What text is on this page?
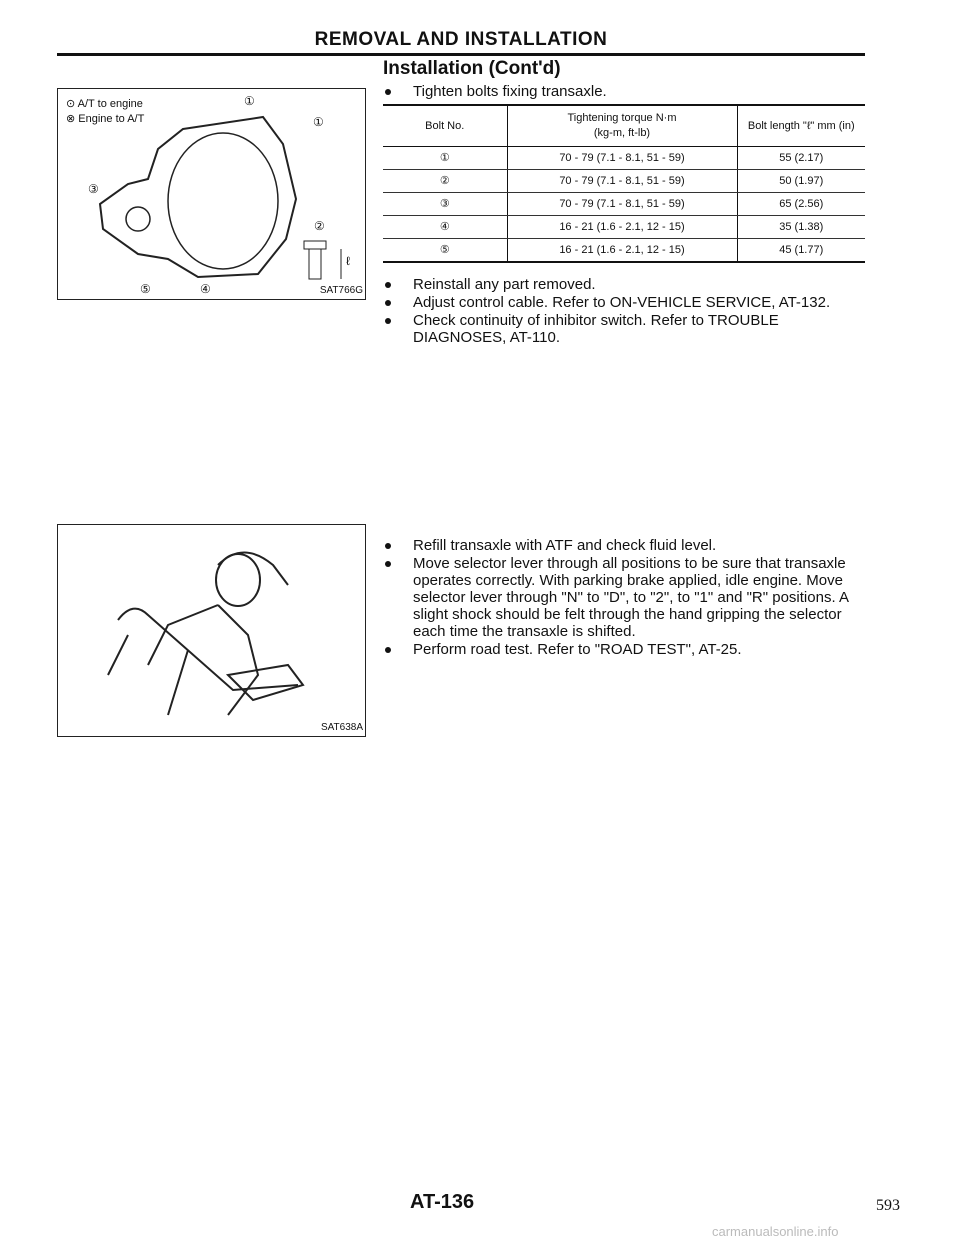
REMOVAL AND INSTALLATION
Installation (Cont'd)
①
①
②
③
④
⑤
ℓ
⊙ A/T to engine
⊗ Engine to A/T
SAT766G
Tighten bolts fixing transaxle.
Bolt No.	Tightening torque N·m (kg-m, ft-lb)	Bolt length "ℓ" mm (in)
①	70 - 79 (7.1 - 8.1, 51 - 59)	55 (2.17)
②	70 - 79 (7.1 - 8.1, 51 - 59)	50 (1.97)
③	70 - 79 (7.1 - 8.1, 51 - 59)	65 (2.56)
④	16 - 21 (1.6 - 2.1, 12 - 15)	35 (1.38)
⑤	16 - 21 (1.6 - 2.1, 12 - 15)	45 (1.77)
Reinstall any part removed.
Adjust control cable. Refer to ON-VEHICLE SERVICE, AT-132.
Check continuity of inhibitor switch. Refer to TROUBLE DIAGNOSES, AT-110.
SAT638A
Refill transaxle with ATF and check fluid level.
Move selector lever through all positions to be sure that transaxle operates correctly. With parking brake applied, idle engine. Move selector lever through "N" to "D", to "2", to "1" and "R" positions. A slight shock should be felt through the hand gripping the selector each time the transaxle is shifted.
Perform road test. Refer to "ROAD TEST", AT-25.
AT-136	593
carmanualsonline.info
